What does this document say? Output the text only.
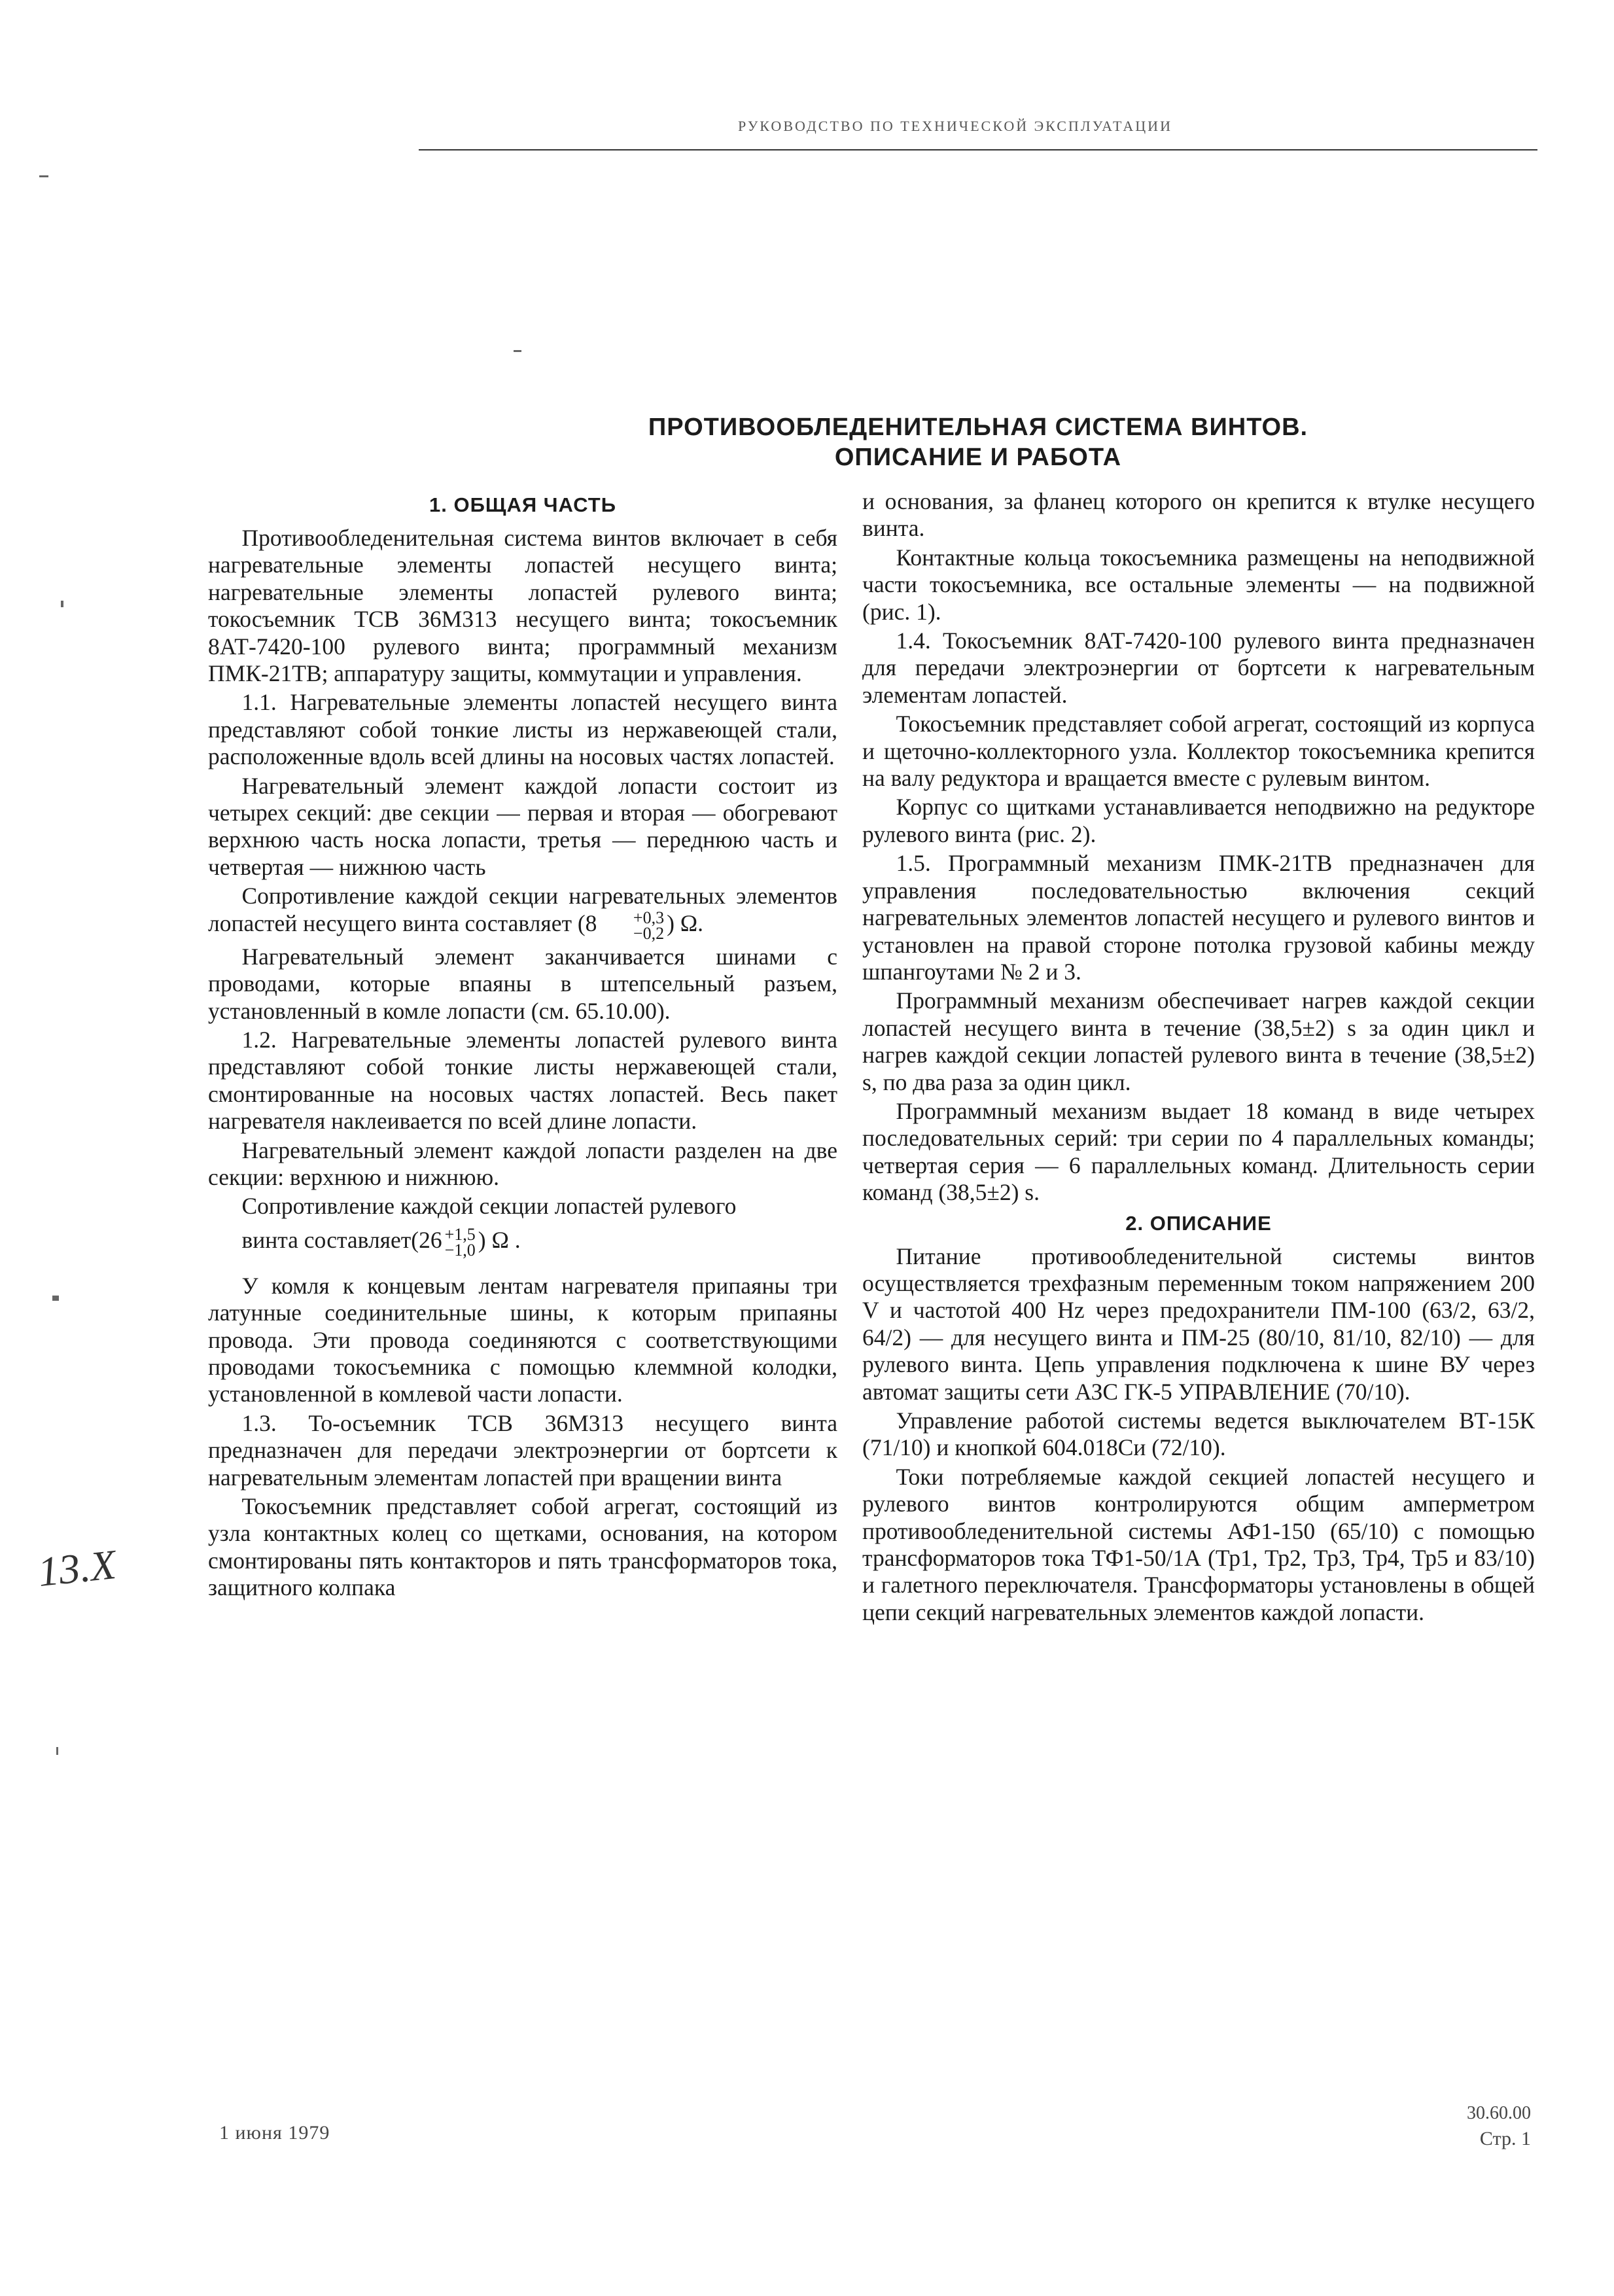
РУКОВОДСТВО ПО ТЕХНИЧЕСКОЙ ЭКСПЛУАТАЦИИ
ПРОТИВООБЛЕДЕНИТЕЛЬНАЯ СИСТЕМА ВИНТОВ.
ОПИСАНИЕ И РАБОТА
1. ОБЩАЯ ЧАСТЬ

Противообледенительная система винтов включает в себя нагревательные элементы лопастей несущего винта; нагревательные элементы лопастей рулевого винта; токосъемник ТСВ 36М313 несущего винта; токосъемник 8АТ-7420-100 рулевого винта; программный механизм ПМК-21ТВ; аппаратуру защиты, коммутации и управления.

1.1. Нагревательные элементы лопастей несущего винта представляют собой тонкие листы из нержавеющей стали, расположенные вдоль всей длины на носовых частях лопастей.

Нагревательный элемент каждой лопасти состоит из четырех секций: две секции — первая и вторая — обогревают верхнюю часть носка лопасти, третья — переднюю часть и четвертая — нижнюю часть

Сопротивление каждой секции нагревательных элементов лопастей несущего винта составляет (8	+0,3
−0,2 ) Ω.

Нагревательный элемент заканчивается шинами с проводами, которые впаяны в штепсельный разъем, установленный в комле лопасти (см. 65.10.00).

1.2. Нагревательные элементы лопастей рулевого винта представляют собой тонкие листы нержавеющей стали, смонтированные на носовых частях лопастей. Весь пакет нагревателя наклеивается по всей длине лопасти.

Нагревательный элемент каждой лопасти разделен на две секции: верхнюю и нижнюю.

Сопротивление каждой секции лопастей рулевого

винта составляет(26 +1,5
−1,0 ) Ω .

У комля к концевым лентам нагревателя припаяны три латунные соединительные шины, к которым припаяны провода. Эти провода соединяются с соответствующими проводами токосъемника с помощью клеммной колодки, установленной в комлевой части лопасти.

1.3. То-осъемник ТСВ 36М313 несущего винта предназначен для передачи электроэнергии от бортсети к нагревательным элементам лопастей при вращении винта

Токосъемник представляет собой агрегат, состоящий из узла контактных колец со щетками, основания, на котором смонтированы пять контакторов и пять трансформаторов тока, защитного колпака

и основания, за фланец которого он крепится к втулке несущего винта.

Контактные кольца токосъемника размещены на неподвижной части токосъемника, все остальные элементы — на подвижной (рис. 1).

1.4. Токосъемник 8АТ-7420-100 рулевого винта предназначен для передачи электроэнергии от бортсети к нагревательным элементам лопастей.

Токосъемник представляет собой агрегат, состоящий из корпуса и щеточно-коллекторного узла. Коллектор токосъемника крепится на валу редуктора и вращается вместе с рулевым винтом.

Корпус со щитками устанавливается неподвижно на редукторе рулевого винта (рис. 2).

1.5. Программный механизм ПМК-21ТВ предназначен для управления последовательностью включения секций нагревательных элементов лопастей несущего и рулевого винтов и установлен на правой стороне потолка грузовой кабины между шпангоутами № 2 и 3.

Программный механизм обеспечивает нагрев каждой секции лопастей несущего винта в течение (38,5±2) s за один цикл и нагрев каждой секции лопастей рулевого винта в течение (38,5±2) s, по два раза за один цикл.

Программный механизм выдает 18 команд в виде четырех последовательных серий: три серии по 4 параллельных команды; четвертая серия — 6 параллельных команд. Длительность серии команд (38,5±2) s.

2. ОПИСАНИЕ

Питание противообледенительной системы винтов осуществляется трехфазным переменным током напряжением 200 V и частотой 400 Hz через предохранители ПМ-100 (63/2, 63/2, 64/2) — для несущего винта и ПМ-25 (80/10, 81/10, 82/10) — для рулевого винта. Цепь управления подключена к шине ВУ через автомат защиты сети АЗС ГК-5 УПРАВЛЕНИЕ (70/10).

Управление работой системы ведется выключателем ВТ-15К (71/10) и кнопкой 604.018Си (72/10).

Токи потребляемые каждой секцией лопастей несущего и рулевого винтов контролируются общим амперметром противообледенительной системы АФ1-150 (65/10) с помощью трансформаторов тока ТФ1-50/1А (Тр1, Тр2, Тр3, Тр4, Тр5 и 83/10) и галетного переключателя. Трансформаторы установлены в общей цепи секций нагревательных элементов каждой лопасти.

13.Х
1 июня 1979
30.60.00
Стр. 1
